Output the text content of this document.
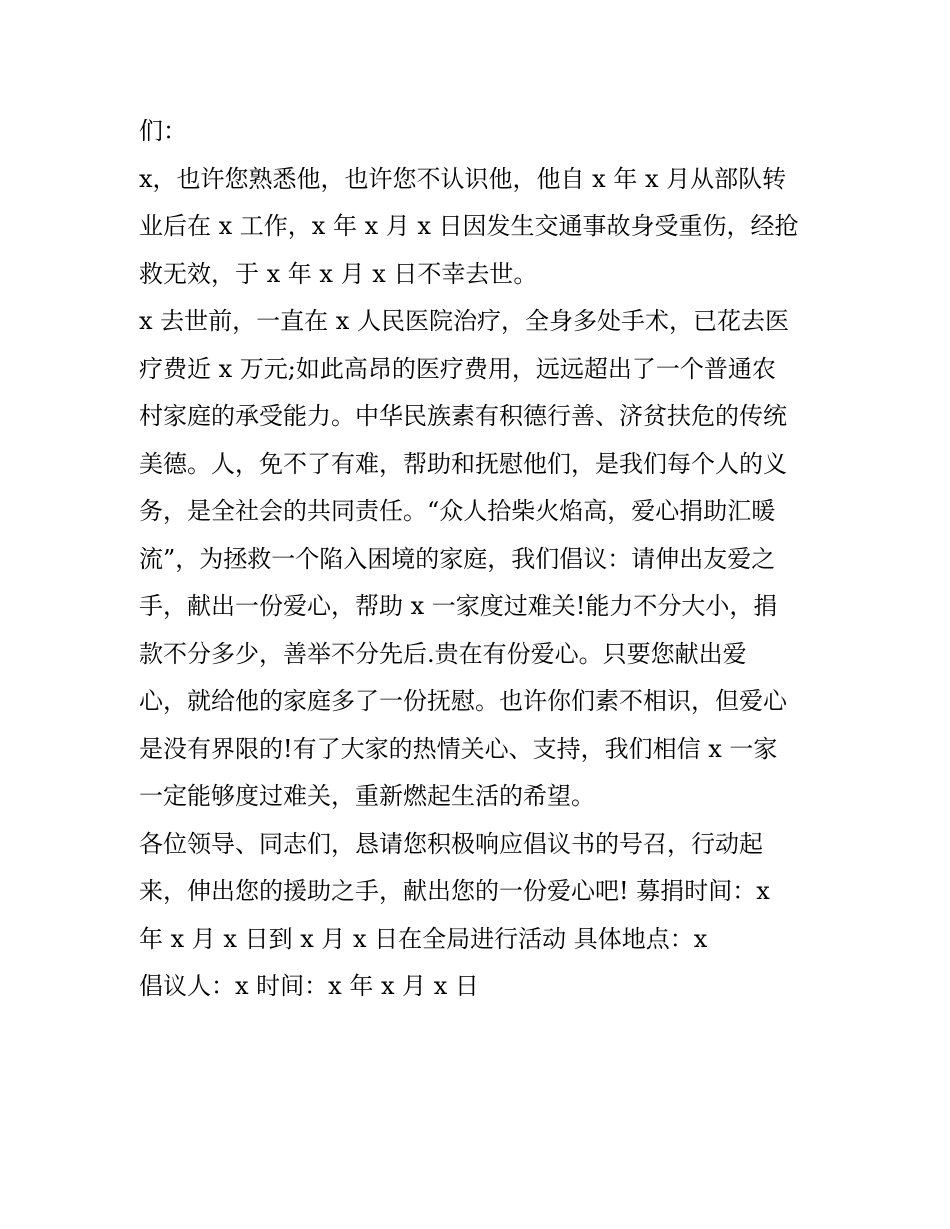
们：

x，也许您熟悉他，也许您不认识他，他自 x 年 x 月从部队转

业后在 x 工作，x 年 x 月 x 日因发生交通事故身受重伤，经抢

救无效，于 x 年 x 月 x 日不幸去世。

x 去世前，一直在 x 人民医院治疗，全身多处手术，已花去医

疗费近 x 万元;如此高昂的医疗费用，远远超出了一个普通农

村家庭的承受能力。中华民族素有积德行善、济贫扶危的传统

美德。人，免不了有难，帮助和抚慰他们，是我们每个人的义

务，是全社会的共同责任。“众人拾柴火焰高，爱心捐助汇暖

流”，为拯救一个陷入困境的家庭，我们倡议：请伸出友爱之

手，献出一份爱心，帮助 x 一家度过难关!能力不分大小，捐

款不分多少，善举不分先后.贵在有份爱心。只要您献出爱

心，就给他的家庭多了一份抚慰。也许你们素不相识，但爱心

是没有界限的!有了大家的热情关心、支持，我们相信 x 一家

一定能够度过难关，重新燃起生活的希望。

各位领导、同志们，恳请您积极响应倡议书的号召，行动起

来，伸出您的援助之手，献出您的一份爱心吧! 募捐时间：x

年 x 月 x 日到 x 月 x 日在全局进行活动 具体地点：x

倡议人：x 时间：x 年 x 月 x 日
